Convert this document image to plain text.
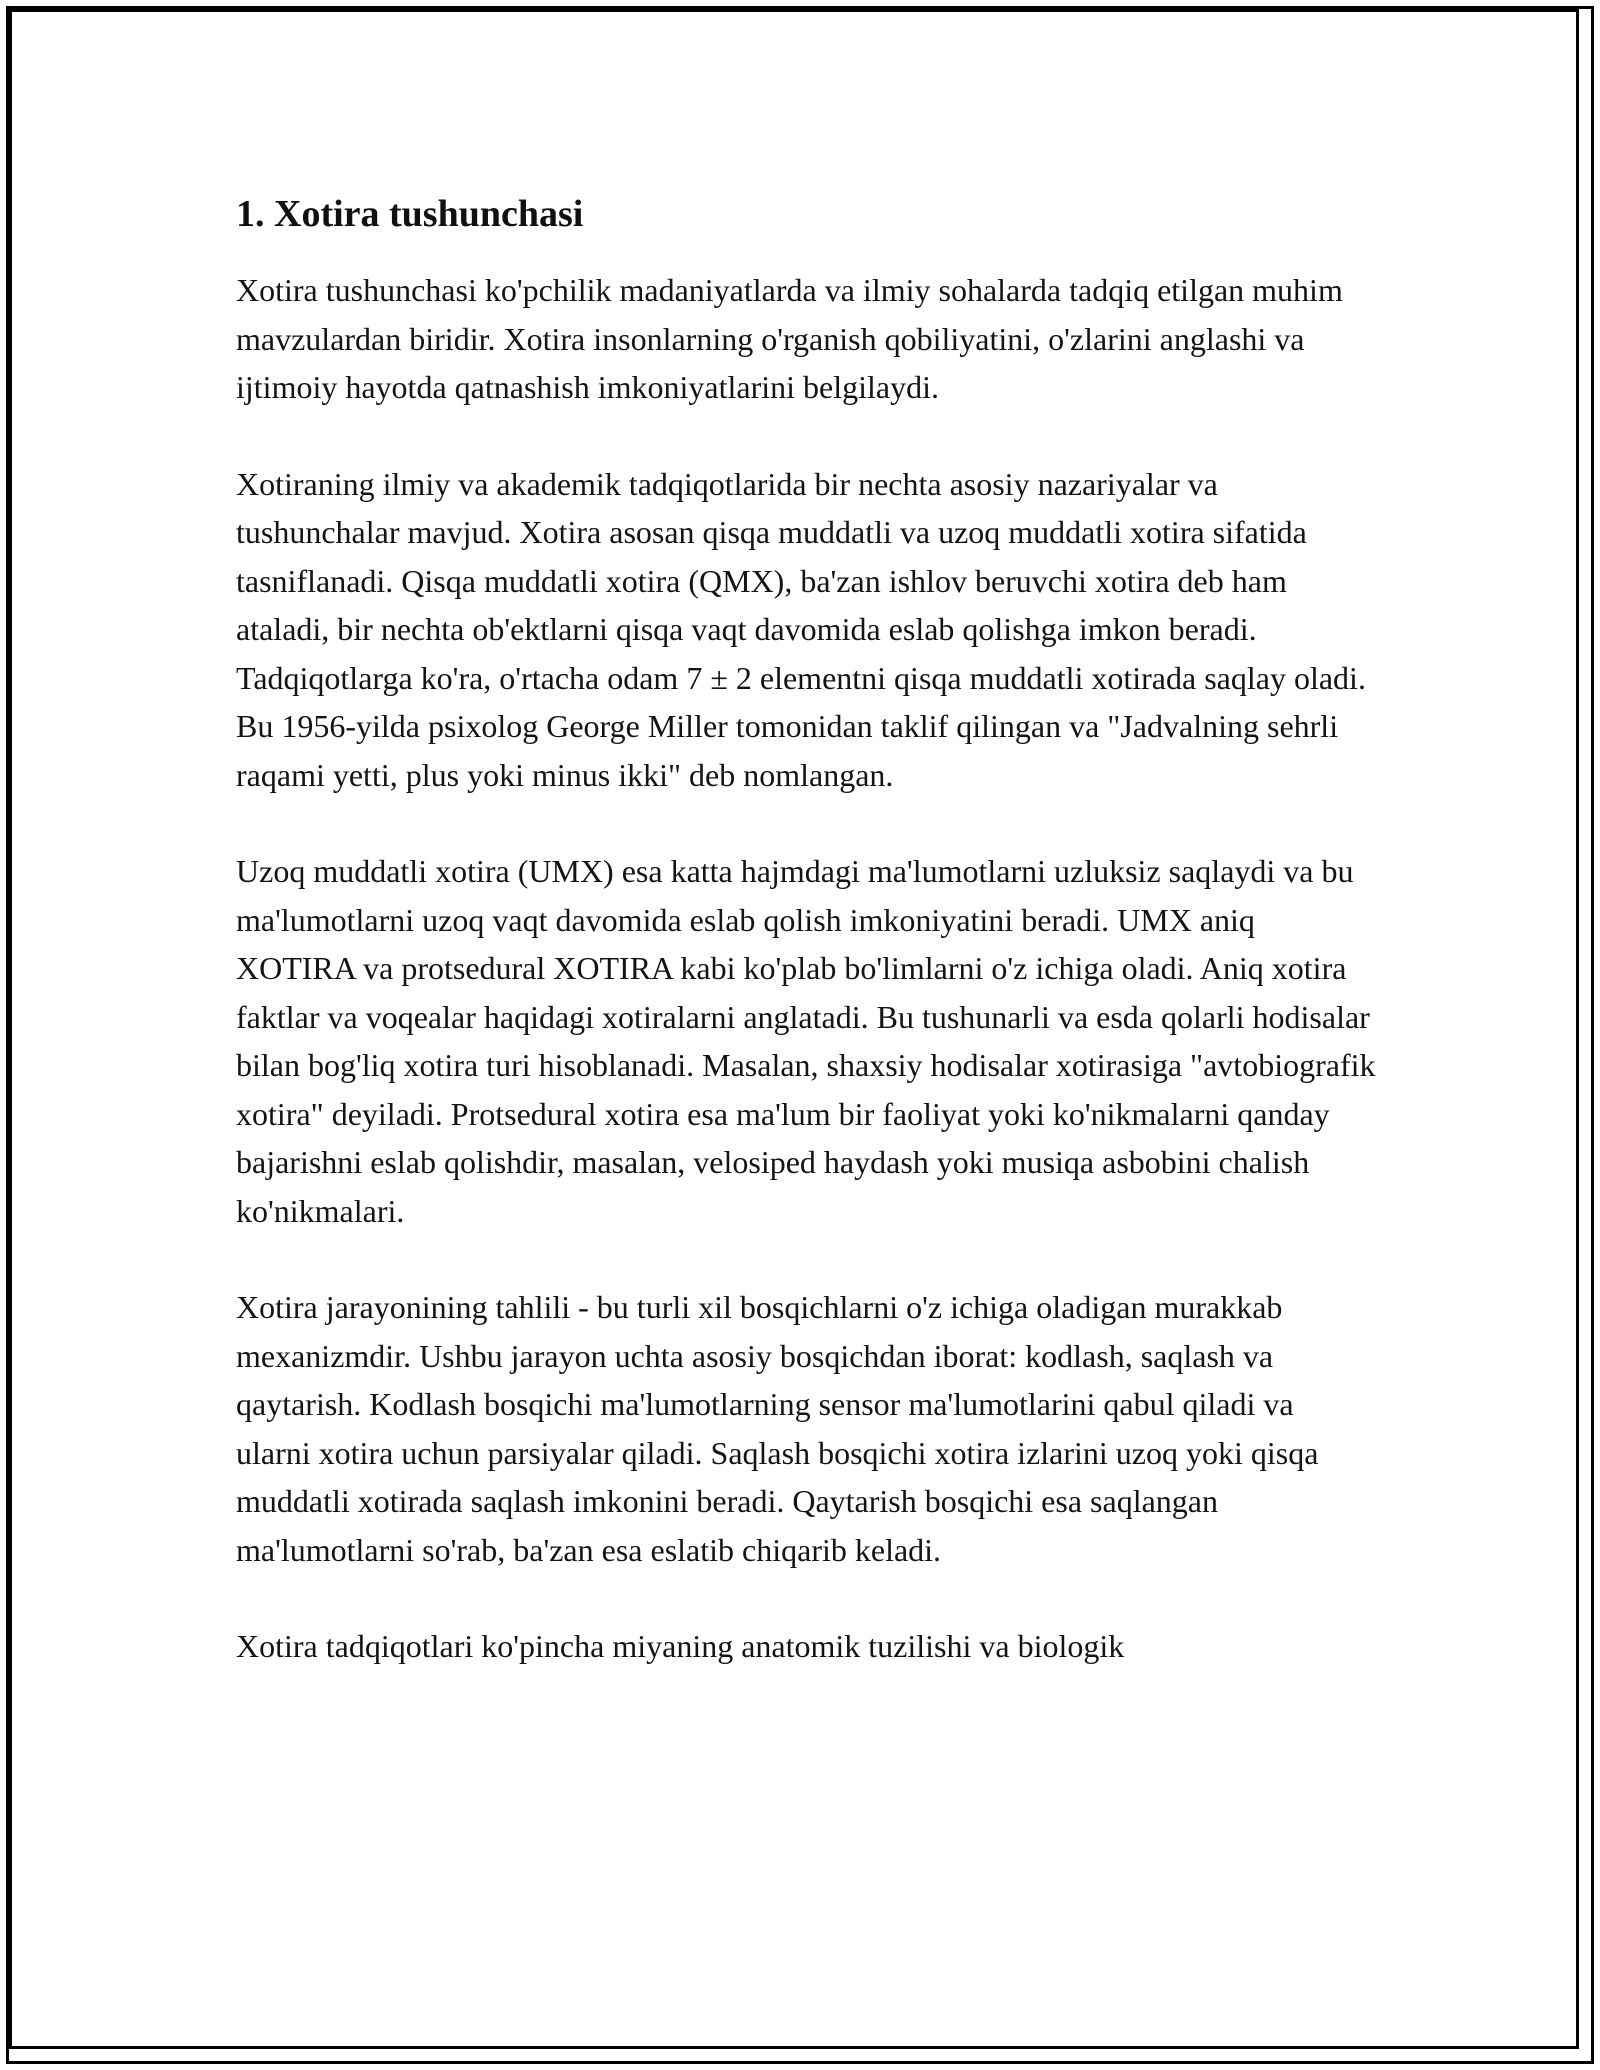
1. Xotira tushunchasi

Xotira tushunchasi ko'pchilik madaniyatlarda va ilmiy sohalarda tadqiq etilgan muhim mavzulardan biridir. Xotira insonlarning o'rganish qobiliyatini, o'zlarini anglashi va ijtimoiy hayotda qatnashish imkoniyatlarini belgilaydi.

Xotiraning ilmiy va akademik tadqiqotlarida bir nechta asosiy nazariyalar va tushunchalar mavjud. Xotira asosan qisqa muddatli va uzoq muddatli xotira sifatida tasniflanadi. Qisqa muddatli xotira (QMX), ba'zan ishlov beruvchi xotira deb ham ataladi, bir nechta ob'ektlarni qisqa vaqt davomida eslab qolishga imkon beradi. Tadqiqotlarga ko'ra, o'rtacha odam 7 ± 2 elementni qisqa muddatli xotirada saqlay oladi. Bu 1956-yilda psixolog George Miller tomonidan taklif qilingan va "Jadvalning sehrli raqami yetti, plus yoki minus ikki" deb nomlangan.

Uzoq muddatli xotira (UMX) esa katta hajmdagi ma'lumotlarni uzluksiz saqlaydi va bu ma'lumotlarni uzoq vaqt davomida eslab qolish imkoniyatini beradi. UMX aniq XOTIRA va protsedural XOTIRA kabi ko'plab bo'limlarni o'z ichiga oladi. Aniq xotira faktlar va voqealar haqidagi xotiralarni anglatadi. Bu tushunarli va esda qolarli hodisalar bilan bog'liq xotira turi hisoblanadi. Masalan, shaxsiy hodisalar xotirasiga "avtobiografik xotira" deyiladi. Protsedural xotira esa ma'lum bir faoliyat yoki ko'nikmalarni qanday bajarishni eslab qolishdir, masalan, velosiped haydash yoki musiqa asbobini chalish ko'nikmalari.

Xotira jarayonining tahlili - bu turli xil bosqichlarni o'z ichiga oladigan murakkab mexanizmdir. Ushbu jarayon uchta asosiy bosqichdan iborat: kodlash, saqlash va qaytarish. Kodlash bosqichi ma'lumotlarning sensor ma'lumotlarini qabul qiladi va ularni xotira uchun parsiyalar qiladi. Saqlash bosqichi xotira izlarini uzoq yoki qisqa muddatli xotirada saqlash imkonini beradi. Qaytarish bosqichi esa saqlangan ma'lumotlarni so'rab, ba'zan esa eslatib chiqarib keladi.

Xotira tadqiqotlari ko'pincha miyaning anatomik tuzilishi va biologik
